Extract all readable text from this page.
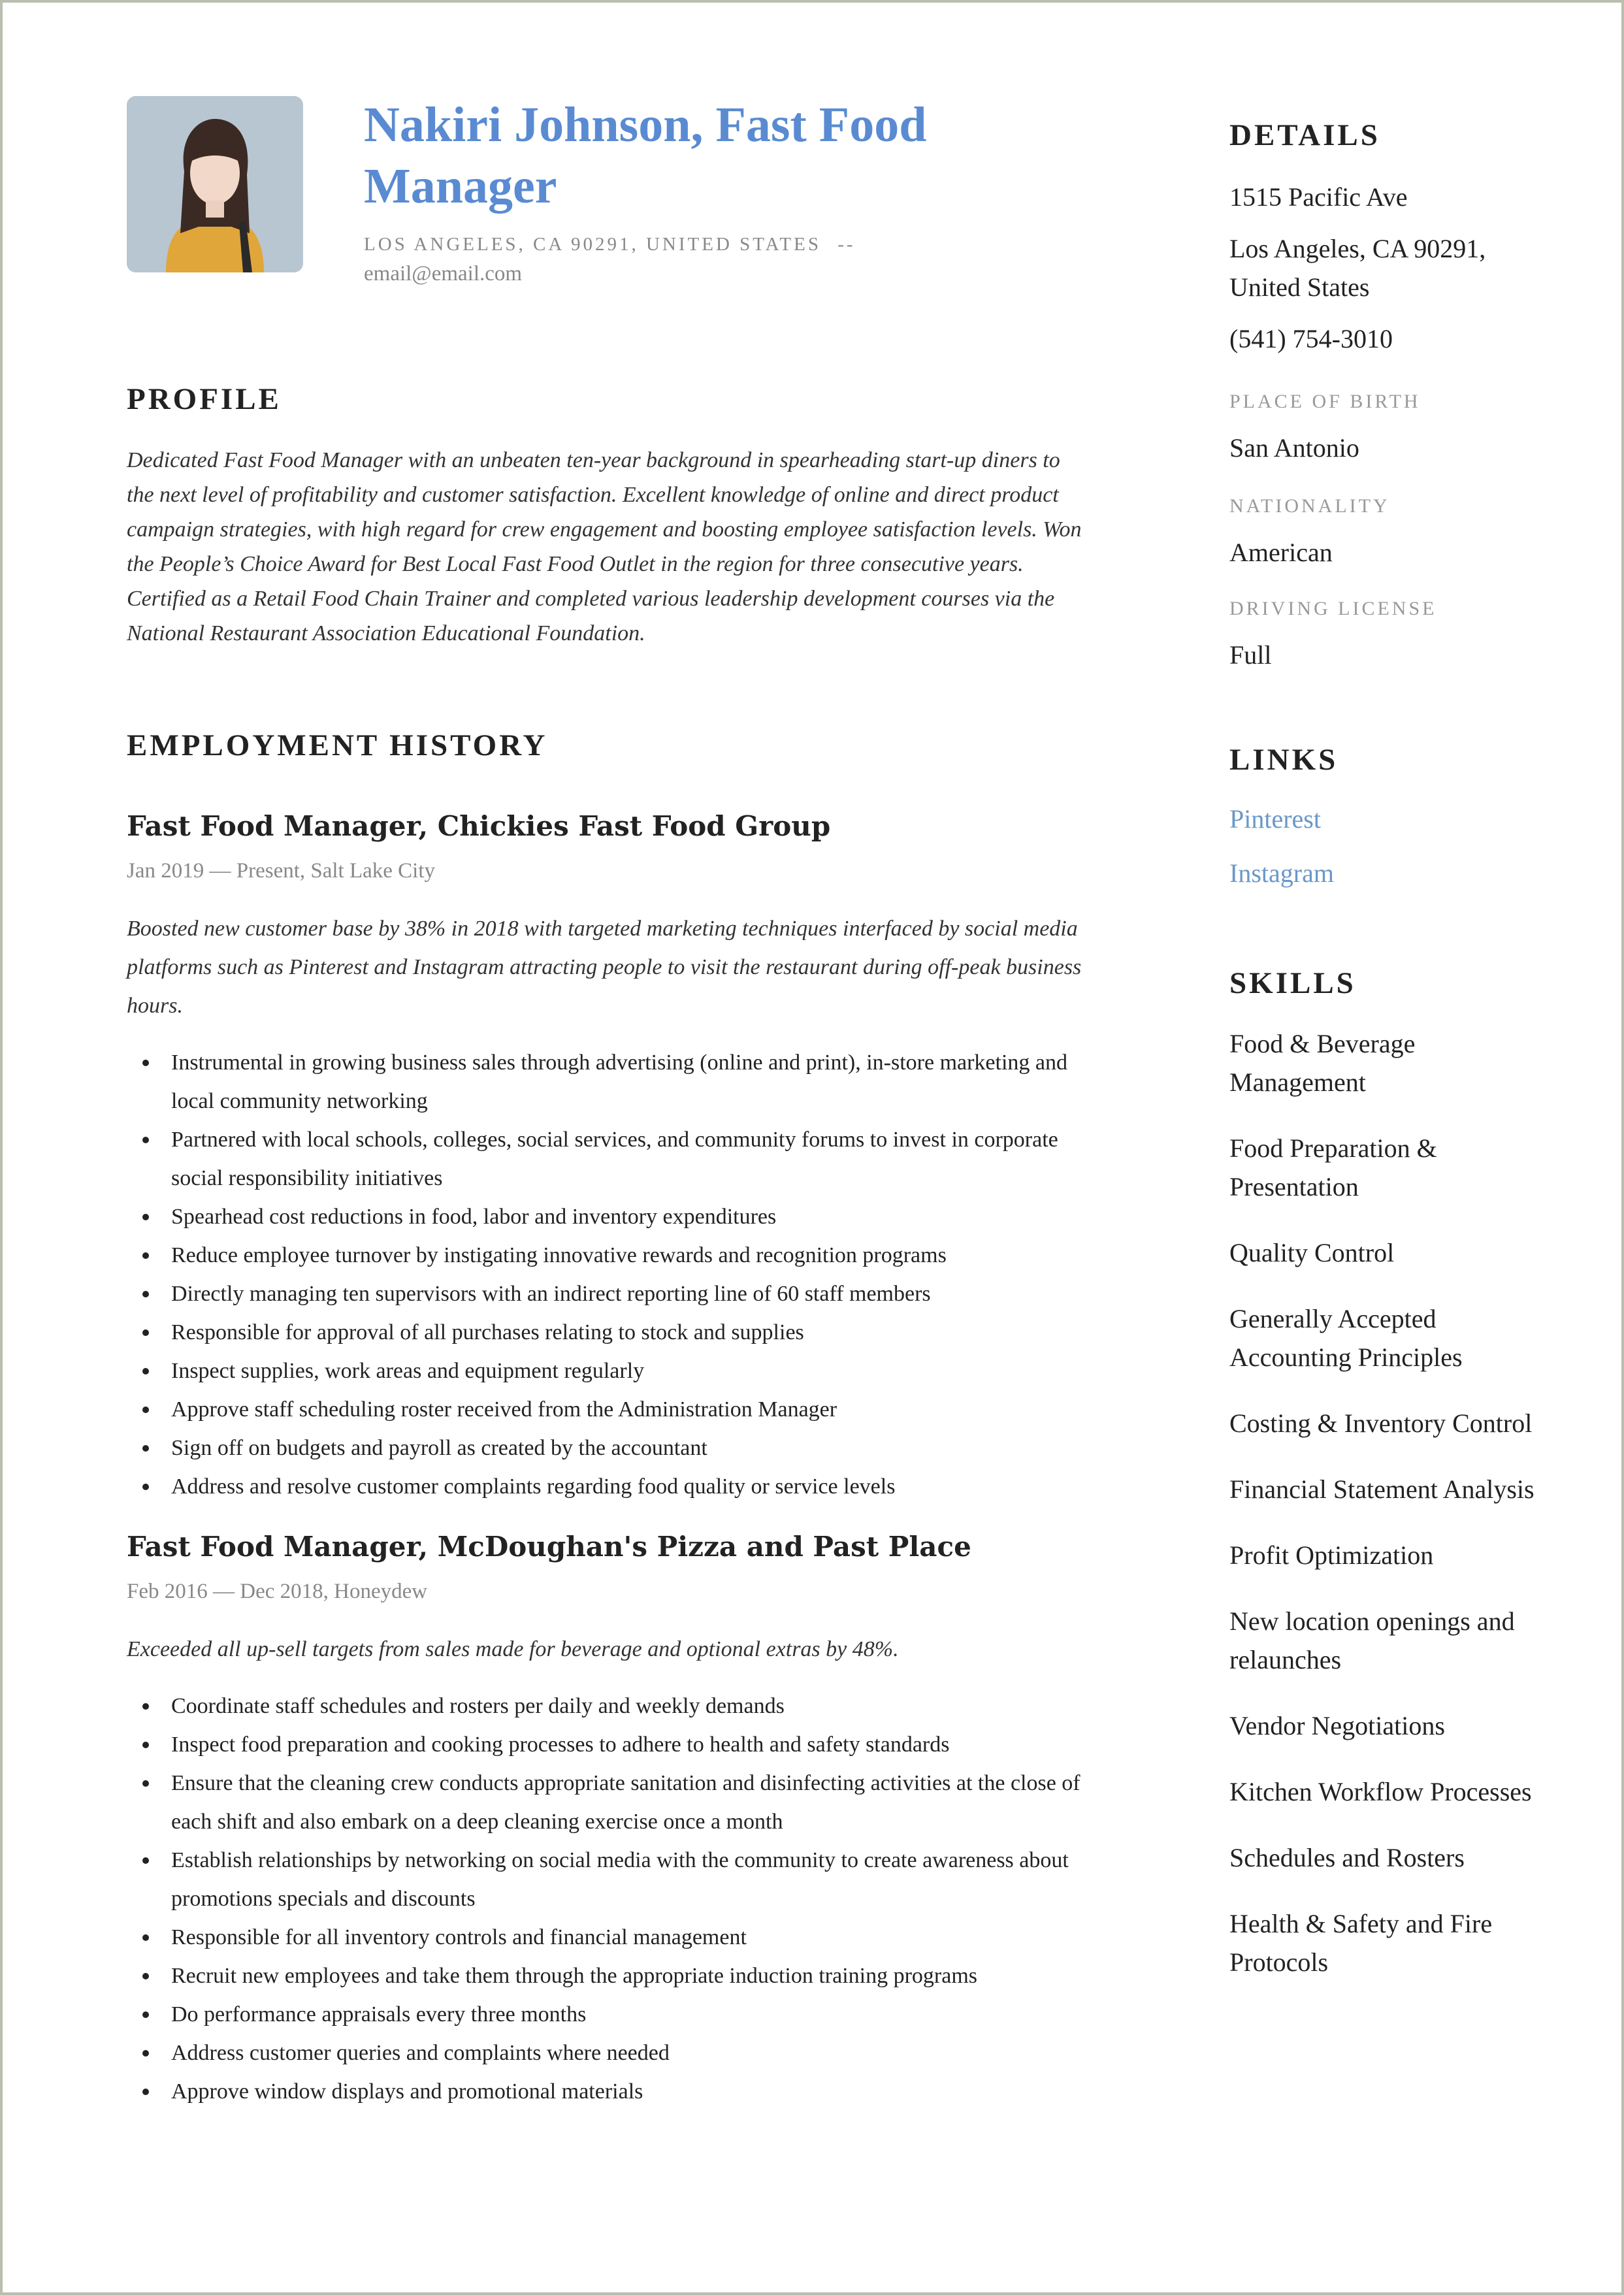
Nakiri Johnson, Fast Food Manager
LOS ANGELES, CA 90291, UNITED STATES --
email@email.com
PROFILE
Dedicated Fast Food Manager with an unbeaten ten-year background in spearheading start-up diners to the next level of profitability and customer satisfaction. Excellent knowledge of online and direct product campaign strategies, with high regard for crew engagement and boosting employee satisfaction levels. Won the People’s Choice Award for Best Local Fast Food Outlet in the region for three consecutive years. Certified as a Retail Food Chain Trainer and completed various leadership development courses via the National Restaurant Association Educational Foundation.
EMPLOYMENT HISTORY
Fast Food Manager, Chickies Fast Food Group
Jan 2019 — Present, Salt Lake City
Boosted new customer base by 38% in 2018 with targeted marketing techniques interfaced by social media platforms such as Pinterest and Instagram attracting people to visit the restaurant during off-peak business hours.
Instrumental in growing business sales through advertising (online and print), in-store marketing and local community networking
Partnered with local schools, colleges, social services, and community forums to invest in corporate social responsibility initiatives
Spearhead cost reductions in food, labor and inventory expenditures
Reduce employee turnover by instigating innovative rewards and recognition programs
Directly managing ten supervisors with an indirect reporting line of 60 staff members
Responsible for approval of all purchases relating to stock and supplies
Inspect supplies, work areas and equipment regularly
Approve staff scheduling roster received from the Administration Manager
Sign off on budgets and payroll as created by the accountant
Address and resolve customer complaints regarding food quality or service levels
Fast Food Manager, McDoughan's Pizza and Past Place
Feb 2016 — Dec 2018, Honeydew
Exceeded all up-sell targets from sales made for beverage and optional extras by 48%.
Coordinate staff schedules and rosters per daily and weekly demands
Inspect food preparation and cooking processes to adhere to health and safety standards
Ensure that the cleaning crew conducts appropriate sanitation and disinfecting activities at the close of each shift and also embark on a deep cleaning exercise once a month
Establish relationships by networking on social media with the community to create awareness about promotions specials and discounts
Responsible for all inventory controls and financial management
Recruit new employees and take them through the appropriate induction training programs
Do performance appraisals every three months
Address customer queries and complaints where needed
Approve window displays and promotional materials
DETAILS
1515 Pacific Ave
Los Angeles, CA 90291, United States
(541) 754-3010
PLACE OF BIRTH
San Antonio
NATIONALITY
American
DRIVING LICENSE
Full
LINKS
Pinterest
Instagram
SKILLS
Food & Beverage Management
Food Preparation & Presentation
Quality Control
Generally Accepted Accounting Principles
Costing & Inventory Control
Financial Statement Analysis
Profit Optimization
New location openings and relaunches
Vendor Negotiations
Kitchen Workflow Processes
Schedules and Rosters
Health & Safety and Fire Protocols
